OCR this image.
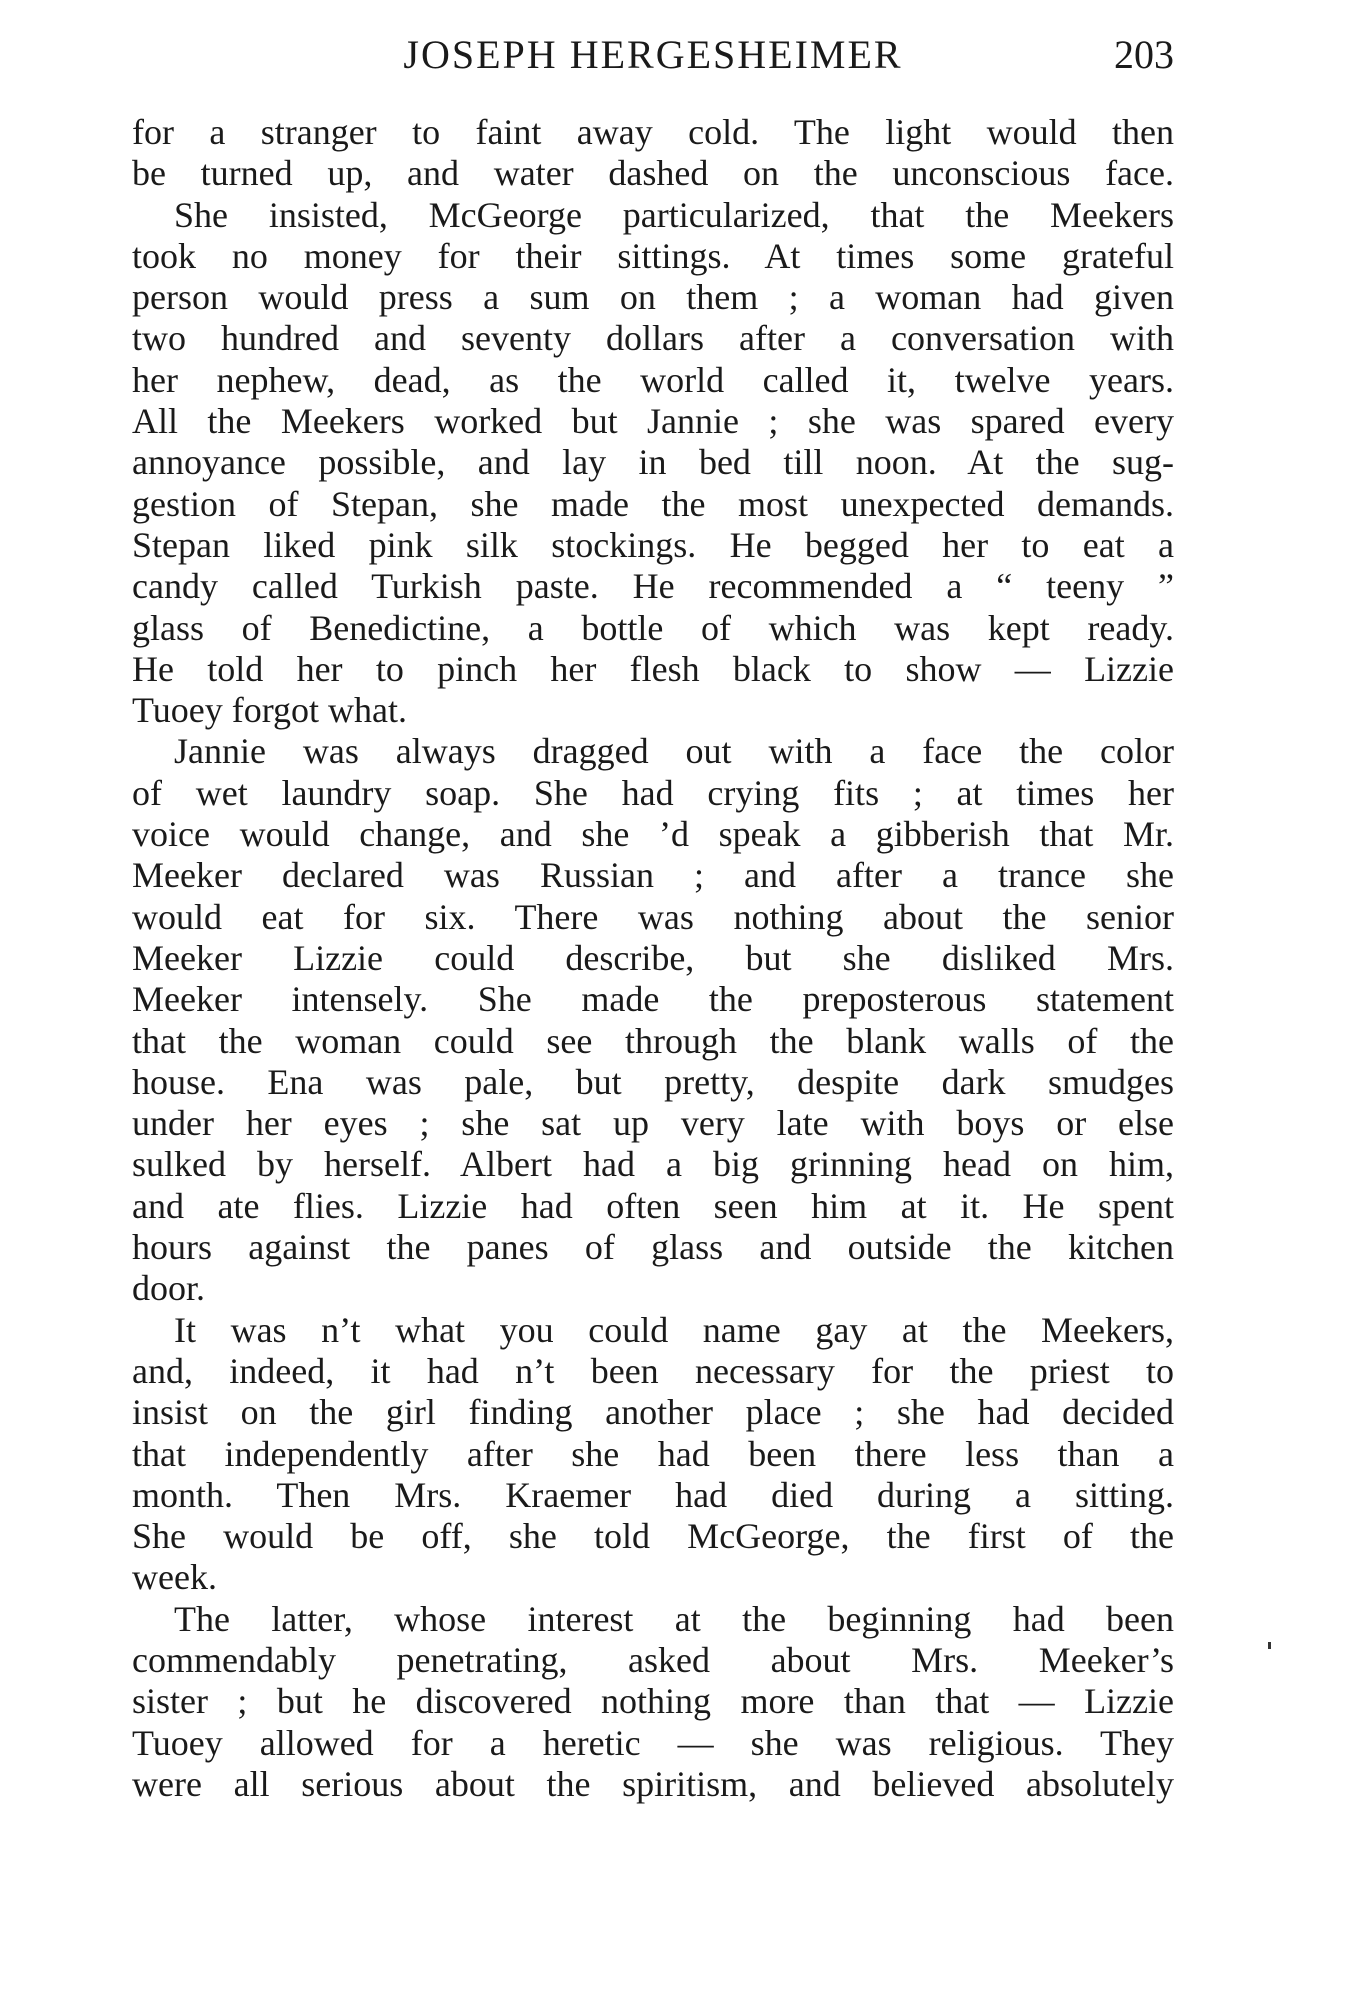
JOSEPH HERGESHEIMER	203
for a stranger to faint away cold. The light would then
be turned up, and water dashed on the unconscious face.
She insisted, McGeorge particularized, that the Meekers
took no money for their sittings. At times some grateful
person would press a sum on them ; a woman had given
two hundred and seventy dollars after a conversation with
her nephew, dead, as the world called it, twelve years.
All the Meekers worked but Jannie ; she was spared every
annoyance possible, and lay in bed till noon. At the sug-
gestion of Stepan, she made the most unexpected demands.
Stepan liked pink silk stockings. He begged her to eat a
candy called Turkish paste. He recommended a “ teeny ”
glass of Benedictine, a bottle of which was kept ready.
He told her to pinch her flesh black to show — Lizzie
Tuoey forgot what.
Jannie was always dragged out with a face the color
of wet laundry soap. She had crying fits ; at times her
voice would change, and she ’d speak a gibberish that Mr.
Meeker declared was Russian ; and after a trance she
would eat for six. There was nothing about the senior
Meeker Lizzie could describe, but she disliked Mrs.
Meeker intensely. She made the preposterous statement
that the woman could see through the blank walls of the
house. Ena was pale, but pretty, despite dark smudges
under her eyes ; she sat up very late with boys or else
sulked by herself. Albert had a big grinning head on him,
and ate flies. Lizzie had often seen him at it. He spent
hours against the panes of glass and outside the kitchen
door.
It was n’t what you could name gay at the Meekers,
and, indeed, it had n’t been necessary for the priest to
insist on the girl finding another place ; she had decided
that independently after she had been there less than a
month. Then Mrs. Kraemer had died during a sitting.
She would be off, she told McGeorge, the first of the
week.
The latter, whose interest at the beginning had been
commendably penetrating, asked about Mrs. Meeker’s
sister ; but he discovered nothing more than that — Lizzie
Tuoey allowed for a heretic — she was religious. They
were all serious about the spiritism, and believed absolutely
